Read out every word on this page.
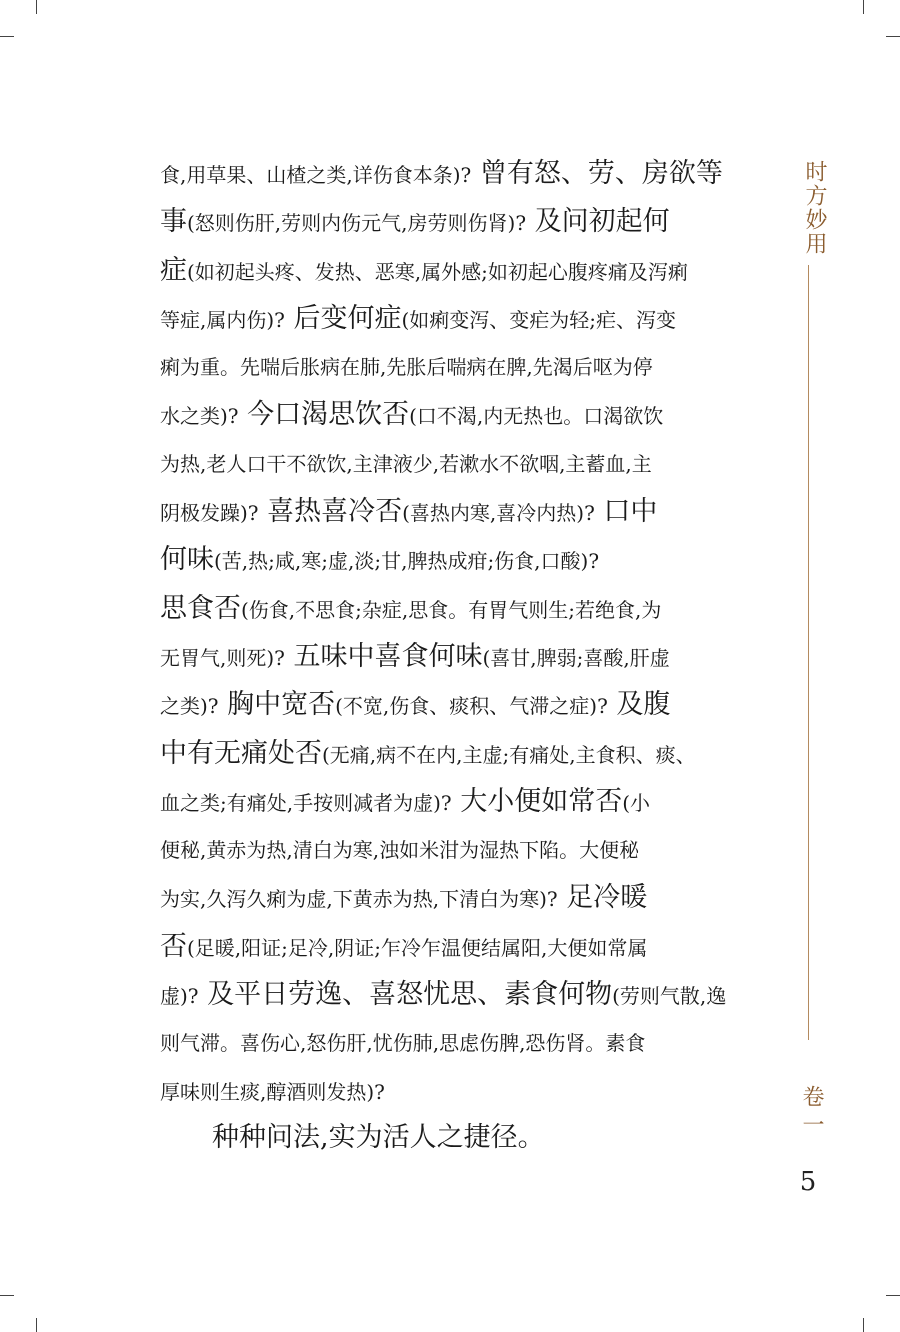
食,用草果、山楂之类,详伤食本条)? 曾有怒、劳、房欲等
事(怒则伤肝,劳则内伤元气,房劳则伤肾)? 及问初起何
症(如初起头疼、发热、恶寒,属外感;如初起心腹疼痛及泻痢
等症,属内伤)? 后变何症(如痢变泻、变疟为轻;疟、泻变
痢为重。先喘后胀病在肺,先胀后喘病在脾,先渴后呕为停
水之类)? 今口渴思饮否(口不渴,内无热也。口渴欲饮
为热,老人口干不欲饮,主津液少,若漱水不欲咽,主蓄血,主
阴极发躁)? 喜热喜冷否(喜热内寒,喜冷内热)? 口中
何味(苦,热;咸,寒;虚,淡;甘,脾热成疳;伤食,口酸)?
思食否(伤食,不思食;杂症,思食。有胃气则生;若绝食,为
无胃气,则死)? 五味中喜食何味(喜甘,脾弱;喜酸,肝虚
之类)? 胸中宽否(不宽,伤食、痰积、气滞之症)? 及腹
中有无痛处否(无痛,病不在内,主虚;有痛处,主食积、痰、
血之类;有痛处,手按则减者为虚)? 大小便如常否(小
便秘,黄赤为热,清白为寒,浊如米泔为湿热下陷。大便秘
为实,久泻久痢为虚,下黄赤为热,下清白为寒)? 足冷暖
否(足暖,阳证;足冷,阴证;乍冷乍温便结属阳,大便如常属
虚)? 及平日劳逸、喜怒忧思、素食何物(劳则气散,逸
则气滞。喜伤心,怒伤肝,忧伤肺,思虑伤脾,恐伤肾。素食
厚味则生痰,醇酒则发热)?
种种问法,实为活人之捷径。
时方妙用
卷一
5
